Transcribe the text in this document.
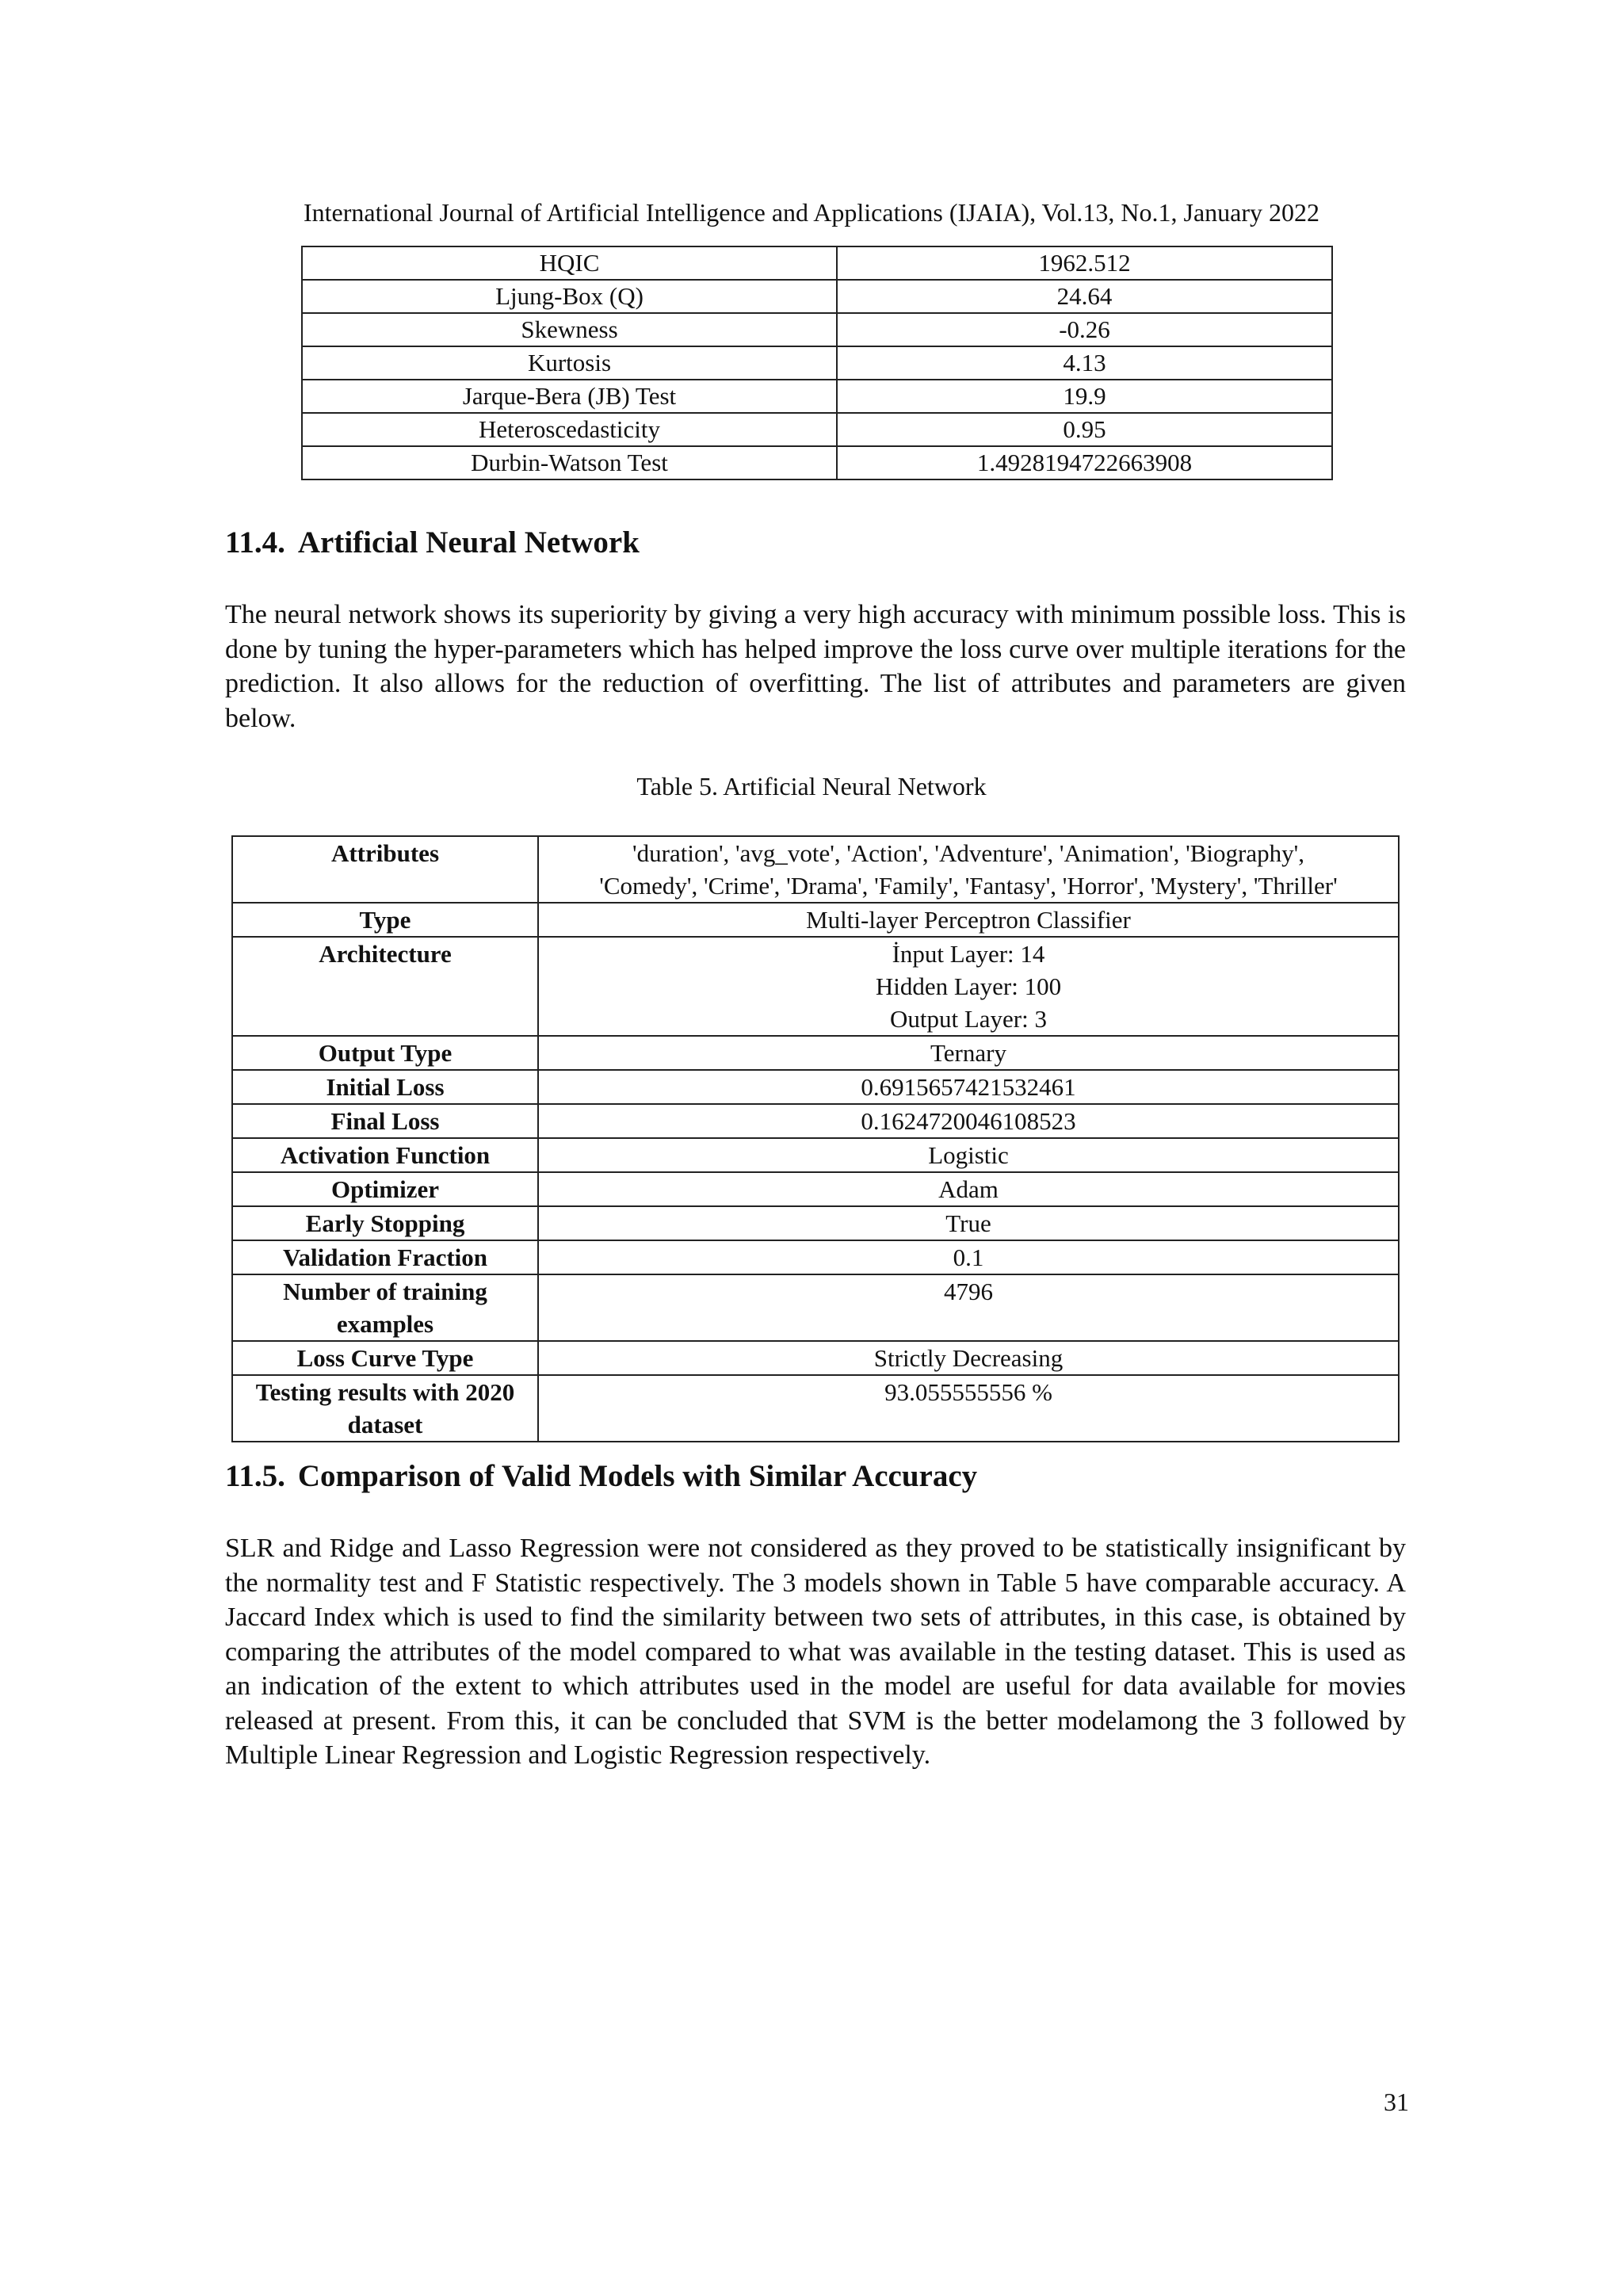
International Journal of Artificial Intelligence and Applications (IJAIA), Vol.13, No.1, January 2022
HQIC	1962.512
Ljung-Box (Q)	24.64
Skewness	-0.26
Kurtosis	4.13
Jarque-Bera (JB) Test	19.9
Heteroscedasticity	0.95
Durbin-Watson Test	1.4928194722663908
11.4. Artificial Neural Network

The neural network shows its superiority by giving a very high accuracy with minimum possible loss. This is done by tuning the hyper-parameters which has helped improve the loss curve over multiple iterations for the prediction. It also allows for the reduction of overfitting. The list of attributes and parameters are given below.

Table 5. Artificial Neural Network
Attributes	'duration', 'avg_vote', 'Action', 'Adventure', 'Animation', 'Biography',
'Comedy', 'Crime', 'Drama', 'Family', 'Fantasy', 'Horror', 'Mystery', 'Thriller'

Type	Multi-layer Perceptron Classifier
Architecture	İnput Layer: 14
Hidden Layer: 100
Output Layer: 3

Output Type	Ternary
Initial Loss	0.6915657421532461
Final Loss	0.1624720046108523
Activation Function	Logistic
Optimizer	Adam
Early Stopping	True
Validation Fraction	0.1
Number of training examples	4796
Loss Curve Type	Strictly Decreasing
Testing results with 2020 dataset	93.055555556 %
11.5. Comparison of Valid Models with Similar Accuracy

SLR and Ridge and Lasso Regression were not considered as they proved to be statistically insignificant by the normality test and F Statistic respectively. The 3 models shown in Table 5 have comparable accuracy. A Jaccard Index which is used to find the similarity between two sets of attributes, in this case, is obtained by comparing the attributes of the model compared to what was available in the testing dataset. This is used as an indication of the extent to which attributes used in the model are useful for data available for movies released at present. From this, it can be concluded that SVM is the better modelamong the 3 followed by Multiple Linear Regression and Logistic Regression respectively.

31
